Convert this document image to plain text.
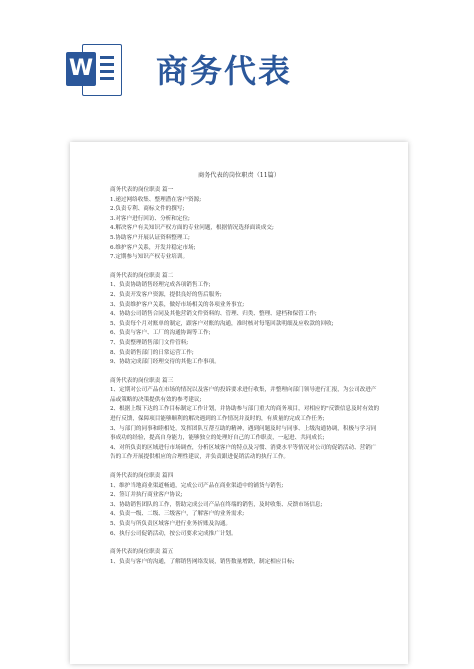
W 商务代表
商务代表的岗位职责（11篇）
商务代表的岗位职责 篇一
1.递过网络收集、整理潜在客户资源;
2.负责专利、商标文件的撰写;
3.对客户进行回访、分析和定位;
4.解决客户有关知识产权方面的专业问题，根据情况选择面谈成交;
5.协助客户开展认证资料整理工;
6.维护客户关系，开发并稳定市场;
7.定期参与知识产权专业培训。
商务代表的岗位职责 篇二
1、负责协助销售经理完成各项销售工作;
2、负责开发客户资源，提供良好的售后服务;
3、负责维护客户关系，做好市场相关的各项业务事宜;
4、协助公司销售合同及其他营销文件资料的、管理、归类、整理、建档和保管工作;
5、负责每个月对账单的制定，跟客户对账的沟通，准时核对每笔回款明细及应收款的回收;
6、负责与客户、工厂的沟通协调等工作;
7、负责整理销售部门文件管料;
8、负责销售部门的日常运营工作;
9、协助完成部门经理交待的其他工作事项。
商务代表的岗位职责 篇三
1、定期对公司产品在市场的情况以及客户的投诉要求进行收集，并整理向部门领导进行汇报，为公司改进产品或策略的决策提供有效的参考建议;
2、根据上级下达的工作目标制定工作计划，并协助参与部门重大的商务项目，对相应的"反馈信息及时有效的进行反馈，保障项目能够顺利的解决遇到的工作情况并及时的，有质量的完成工作任务;
3、与部门的同事和睦相处，发挥团队互帮互助的精神，遇到问题及时与同事、上级沟通协调，积极与学习同事成功的经验，提高自身能力，能够独立的处理好自己的工作职责，一起进、共同成长;
4、对所负责的区域进行市场调查，分析区域客户的特点及习惯、消费水平等情况对公司的促销活动、营销广告的工作开展提供相应的合理性建议，并负责跟进促销活动的执行工作。
商务代表的岗位职责 篇四
1、维护当地商业渠道畅通，完成公司产品在商业渠道中的铺货与销售;
2、签订并执行商业客户协议;
3、协助销售团队的工作，帮助完成公司产品在终端的销售，及时收集、反馈市场信息;
4、负责一级、二级、三级客户，了解客户的业务需求;
5、负责与所负责区域客户进行业务折账及沟通。
6、执行公司促销活动，按公司要求完成推广计划。
商务代表的岗位职责 篇五
1、负责与客户的沟通，了解销售网络发展，销售数量增跌，制定相应目标;
